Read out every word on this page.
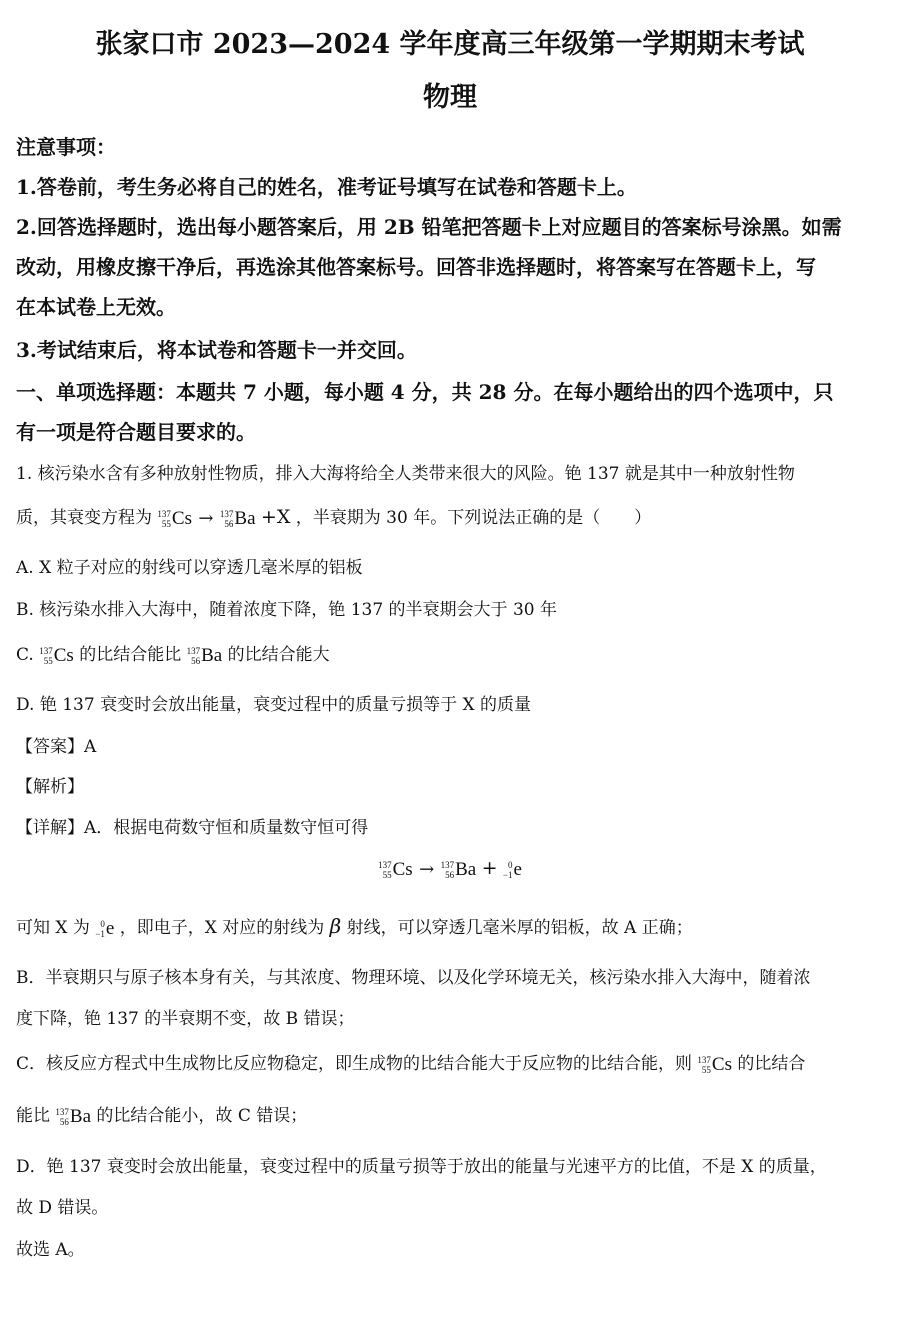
张家口市 2023—2024 学年度高三年级第一学期期末考试
物理
注意事项：
1.答卷前，考生务必将自己的姓名，准考证号填写在试卷和答题卡上。
2.回答选择题时，选出每小题答案后，用 2B 铅笔把答题卡上对应题目的答案标号涂黑。如需
改动，用橡皮擦干净后，再选涂其他答案标号。回答非选择题时，将答案写在答题卡上，写
在本试卷上无效。
3.考试结束后，将本试卷和答题卡一并交回。
一、单项选择题：本题共 7 小题，每小题 4 分，共 28 分。在每小题给出的四个选项中，只
有一项是符合题目要求的。
1. 核污染水含有多种放射性物质，排入大海将给全人类带来很大的风险。铯 137 就是其中一种放射性物
质，其衰变方程为 137
55 Cs → 137
56 Ba +X ，半衰期为 30 年。下列说法正确的是（　　）
A. X 粒子对应的射线可以穿透几毫米厚的铝板
B. 核污染水排入大海中，随着浓度下降，铯 137 的半衰期会大于 30 年
C. 137
55 Cs 的比结合能比 137
56 Ba 的比结合能大
D. 铯 137 衰变时会放出能量，衰变过程中的质量亏损等于 X 的质量
【答案】A
【解析】
【详解】A．根据电荷数守恒和质量数守恒可得
137
55 Cs → 137
56 Ba +	0
−1 e
可知 X 为	0
−1 e ，即电子，X 对应的射线为 β 射线，可以穿透几毫米厚的铝板，故 A 正确；
B．半衰期只与原子核本身有关，与其浓度、物理环境、以及化学环境无关，核污染水排入大海中，随着浓
度下降，铯 137 的半衰期不变，故 B 错误；
C．核反应方程式中生成物比反应物稳定，即生成物的比结合能大于反应物的比结合能，则 137
55 Cs 的比结合
能比 137
56 Ba 的比结合能小，故 C 错误；
D．铯 137 衰变时会放出能量，衰变过程中的质量亏损等于放出的能量与光速平方的比值，不是 X 的质量，
故 D 错误。
故选 A。
